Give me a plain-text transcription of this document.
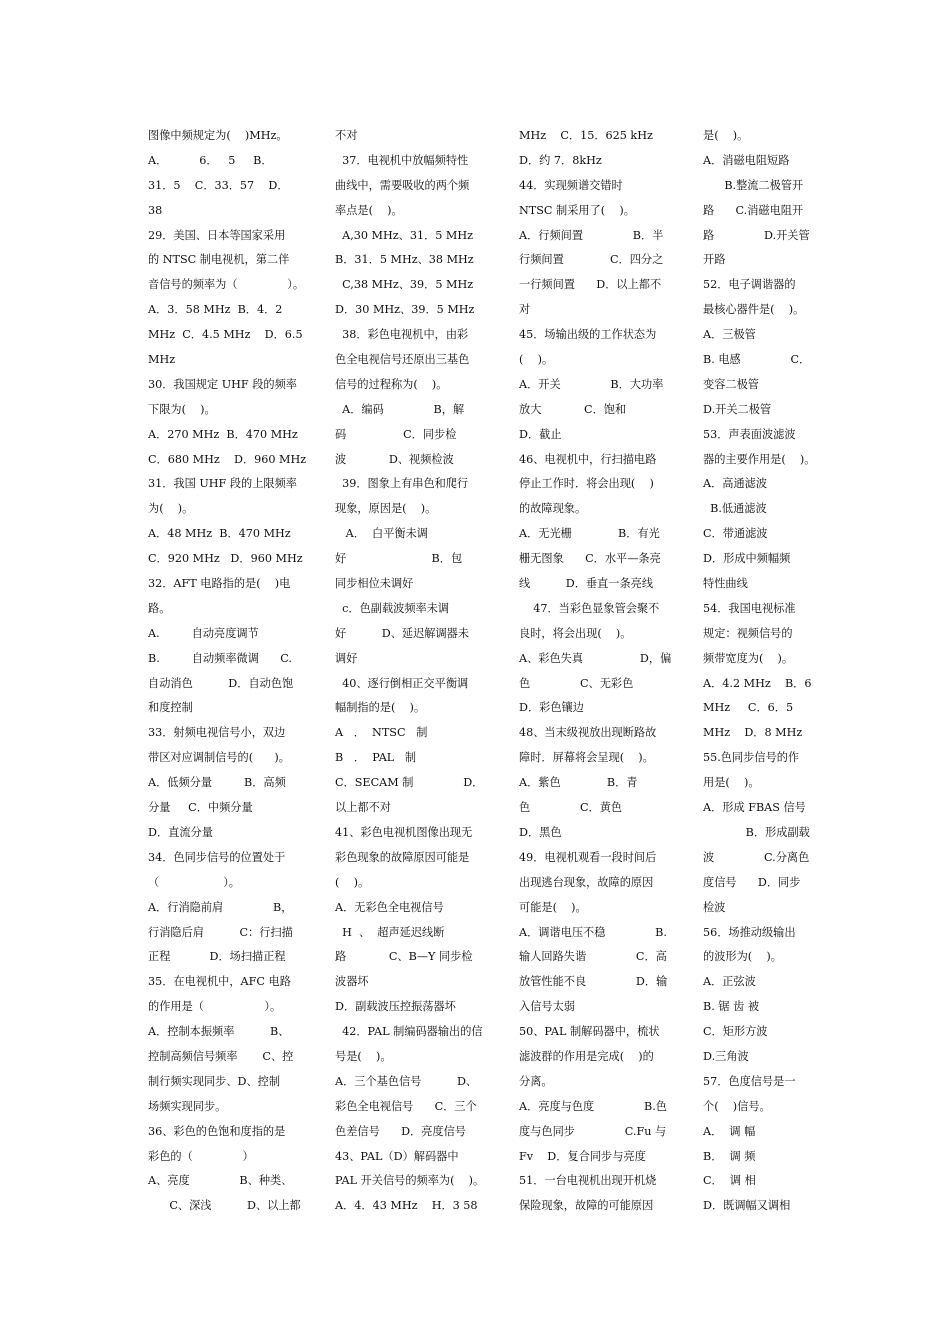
图像中频规定为(    )MHz。
A．         6．   5     B．
31．5    C．33．57    D．
38
29．美国、日本等国家采用
的 NTSC 制电视机，第二伴
音信号的频率为（              ）。
A．3．58 MHz  B．4．2
MHz  C．4.5 MHz    D．6.5
MHz
30．我国规定 UHF 段的频率
下限为(    )。
A．270 MHz  B．470 MHz
C．680 MHz    D．960 MHz
31．我国 UHF 段的上限频率
为(    )。
A．48 MHz  B．470 MHz
C．920 MHz   D．960 MHz
32．AFT 电路指的是(    )电
路。
A.         自动亮度调节
B.         自动频率微调      C.
自动消色          D．自动色饱
和度控制
33．射频电视信号小，双边
带区对应调制信号的(      )。
A．低频分量         B．高频
分量     C．中频分量
D．直流分量
34．色同步信号的位置处于
（                  ）。
A．行消隐前肩              B，
行消隐后肩          C：行扫描
正程           D．场扫描正程
35．在电视机中，AFC 电路
的作用是（                 ）。
A．控制本振频率          B、
控制高频信号频率       C、控
制行频实现同步、D、控制
场频实现同步。
36、彩色的色饱和度指的是
彩色的（              ）
A、亮度              B、种类、
C、深浅          D、以上都
不对
37．电视机中放幅频特性
曲线中，需要吸收的两个频
率点是(    )。
A,30 MHz、31．5 MHz
B．31．5 MHz、38 MHz
C,38 MHz、39．5 MHz
D．30 MHz、39．5 MHz
38．彩色电视机中，由彩
色全电视信号还原出三基色
信号的过程称为(    )。
A．编码              B，解
码                C．同步检
波            D、视频检波
39．图象上有串色和爬行
现象，原因是(    )。
A．  白平衡未调
好                        B．包
同步相位未调好
c．色副载波频率未调
好          D、延迟解调器未
调好
40、逐行倒相正交平衡调
幅制指的是(    )。
A   ．  NTSC   制
B   ．  PAL   制
C．SECAM 制              D．
以上都不对
41、彩色电视机图像出现无
彩色现象的故障原因可能是
(    )。
A．无彩色全电视信号
H  、  超声延迟线断
路            C、B—Y 同步检
波器坏
D．副载波压控振荡器坏
42．PAL 制编码器输出的信
号是(    )。
A．三个基色信号          D、
彩色全电视信号      C．三个
色差信号      D．亮度信号
43、PAL（D）解码器中
PAL 开关信号的频率为(    )。
A．4．43 MHz    H．3 58
MHz    C．15．625 kHz
D．约 7．8kHz
44．实现频谱交错时
NTSC 制采用了(    )。
A．行频间置              B．半
行频间置             C．四分之
一行频间置      D．以上都不
对
45．场输出级的工作状态为
(    )。
A．开关              B．大功率
放大            C．饱和
D．截止
46、电视机中，行扫描电路
停止工作时．将会出现(    )
的故障现象。
A．无光栅             B．有光
栅无图象      C．水平—条亮
线          D．垂直一条亮线
47．当彩色显象管会聚不
良时，将会出现(    )。
A、彩色失真                D，偏
色              C、无彩色
D．彩色镶边
48、当末级视放出现断路故
障时．屏幕将会呈现(    )。
A．紫色             B．青
色              C．黄色
D．黑色
49．电视机观看一段时间后
出现逃台现象，故障的原因
可能是(    )。
A．调谐电压不稳              B.
输人回路失谐              C．高
放管性能不良              D．输
入信号太弱
50、PAL 制解码器中，梳状
滤波群的作用是完成(    )的
分离。
A．亮度与色度              B.色
度与色同步              C.Fu 与
Fv    D．复合同步与亮度
51．一台电视机出现开机烧
保险现象，故障的可能原因
是(    )。
A．消磁电阻短路
B.整流二极管开
路      C.消磁电阻开
路              D.开关管
开路
52．电子调谐器的
最核心器件是(    )。
A．三极管
B. 电感              C．
变容二极管
D.开关二极管
53．声表面波滤波
器的主要作用是(    )。
A．高通滤波
B.低通滤波
C．带通滤波
D．形成中频幅频
特性曲线
54．我国电视标准
规定：视频信号的
频带宽度为(    )。
A．4.2 MHz    B．6
MHz     C．6．5
MHz    D．8 MHz
55.色同步信号的作
用是(    )。
A．形成 FBAS 信号
B．形成副载
波              C.分离色
度信号      D．同步
检波
56．场推动级输出
的波形为(    )。
A．正弦波
B. 锯 齿 被
C．矩形方波
D.三角波
57．色度信号是一
个(    )信号。
A．  调 幅
B．  调 频
C．  调 相
D．既调幅又调相
